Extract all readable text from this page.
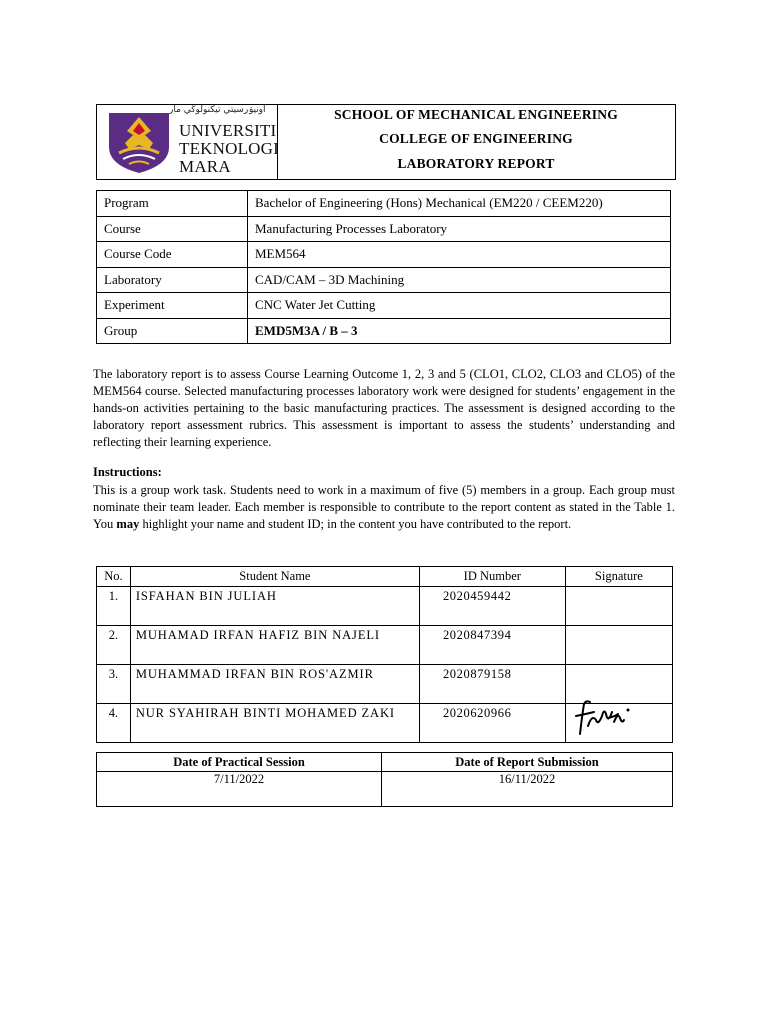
اونيۏرسيتي تيکنولوڬي مار
UNIVERSITI
TEKNOLOGI
MARA
SCHOOL OF MECHANICAL ENGINEERING
COLLEGE OF ENGINEERING
LABORATORY REPORT
Program	Bachelor of Engineering (Hons) Mechanical (EM220 / CEEM220)
Course	Manufacturing Processes Laboratory
Course Code	MEM564
Laboratory	CAD/CAM – 3D Machining
Experiment	CNC Water Jet Cutting
Group	EMD5M3A / B – 3
The laboratory report is to assess Course Learning Outcome 1, 2, 3 and 5 (CLO1, CLO2, CLO3 and CLO5) of the MEM564 course. Selected manufacturing processes laboratory work were designed for students’ engagement in the hands-on activities pertaining to the basic manufacturing practices. The assessment is designed according to the laboratory report assessment rubrics. This assessment is important to assess the students’ understanding and reflecting their learning experience.
Instructions:
This is a group work task. Students need to work in a maximum of five (5) members in a group. Each group must nominate their team leader. Each member is responsible to contribute to the report content as stated in the Table 1. You may highlight your name and student ID; in the content you have contributed to the report.
No.	Student Name	ID Number	Signature
1.	ISFAHAN BIN JULIAH	2020459442	
2.	MUHAMAD IRFAN HAFIZ BIN NAJELI	2020847394	
3.	MUHAMMAD IRFAN BIN ROS'AZMIR	2020879158	
4.	NUR SYAHIRAH BINTI MOHAMED ZAKI	2020620966	
Date of Practical Session	Date of Report Submission
7/11/2022	16/11/2022
